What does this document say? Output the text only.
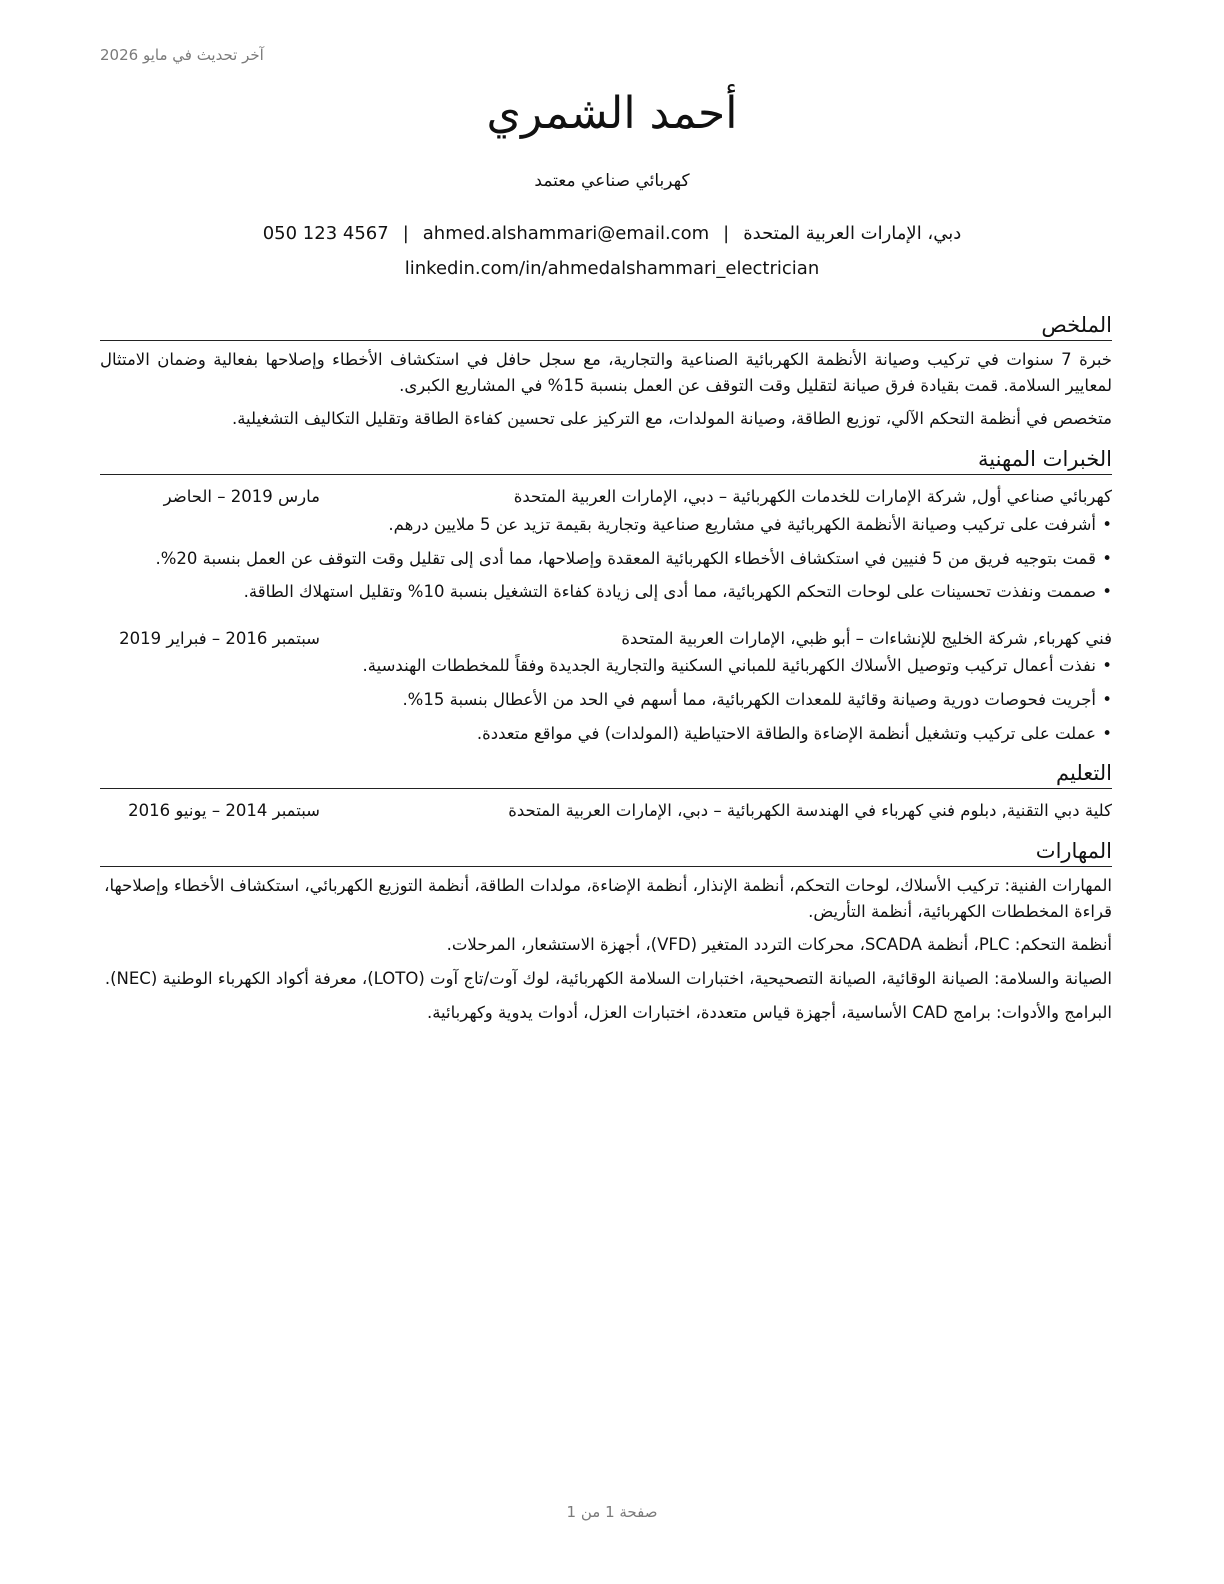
آخر تحديث في مايو 2026
أحمد الشمري
كهربائي صناعي معتمد
دبي، الإمارات العربية المتحدة|ahmed.alshammari@email.com|050 123 4567
linkedin.com/in/ahmedalshammari_electrician
الملخص

خبرة 7 سنوات في تركيب وصيانة الأنظمة الكهربائية الصناعية والتجارية، مع سجل حافل في استكشاف الأخطاء وإصلاحها بفعالية وضمان الامتثال لمعايير السلامة. قمت بقيادة فرق صيانة لتقليل وقت التوقف عن العمل بنسبة 15% في المشاريع الكبرى.

متخصص في أنظمة التحكم الآلي، توزيع الطاقة، وصيانة المولدات، مع التركيز على تحسين كفاءة الطاقة وتقليل التكاليف التشغيلية.

الخبرات المهنية
كهربائي صناعي أول, شركة الإمارات للخدمات الكهربائية – دبي، الإمارات العربية المتحدة
مارس 2019 – الحاضر
• أشرفت على تركيب وصيانة الأنظمة الكهربائية في مشاريع صناعية وتجارية بقيمة تزيد عن 5 ملايين درهم.
• قمت بتوجيه فريق من 5 فنيين في استكشاف الأخطاء الكهربائية المعقدة وإصلاحها، مما أدى إلى تقليل وقت التوقف عن العمل بنسبة 20%.
• صممت ونفذت تحسينات على لوحات التحكم الكهربائية، مما أدى إلى زيادة كفاءة التشغيل بنسبة 10% وتقليل استهلاك الطاقة.
فني كهرباء, شركة الخليج للإنشاءات – أبو ظبي، الإمارات العربية المتحدة
سبتمبر 2016 – فبراير 2019
• نفذت أعمال تركيب وتوصيل الأسلاك الكهربائية للمباني السكنية والتجارية الجديدة وفقاً للمخططات الهندسية.
• أجريت فحوصات دورية وصيانة وقائية للمعدات الكهربائية، مما أسهم في الحد من الأعطال بنسبة 15%.
• عملت على تركيب وتشغيل أنظمة الإضاءة والطاقة الاحتياطية (المولدات) في مواقع متعددة.
التعليم
كلية دبي التقنية, دبلوم فني كهرباء في الهندسة الكهربائية – دبي، الإمارات العربية المتحدة
سبتمبر 2014 – يونيو 2016
المهارات

المهارات الفنية: تركيب الأسلاك، لوحات التحكم، أنظمة الإنذار، أنظمة الإضاءة، مولدات الطاقة، أنظمة التوزيع الكهربائي، استكشاف الأخطاء وإصلاحها، قراءة المخططات الكهربائية، أنظمة التأريض.

أنظمة التحكم: PLC، أنظمة SCADA، محركات التردد المتغير (VFD)، أجهزة الاستشعار، المرحلات.

الصيانة والسلامة: الصيانة الوقائية، الصيانة التصحيحية، اختبارات السلامة الكهربائية، لوك آوت/تاج آوت (LOTO)، معرفة أكواد الكهرباء الوطنية (NEC).

البرامج والأدوات: برامج CAD الأساسية، أجهزة قياس متعددة، اختبارات العزل، أدوات يدوية وكهربائية.

صفحة 1 من 1
